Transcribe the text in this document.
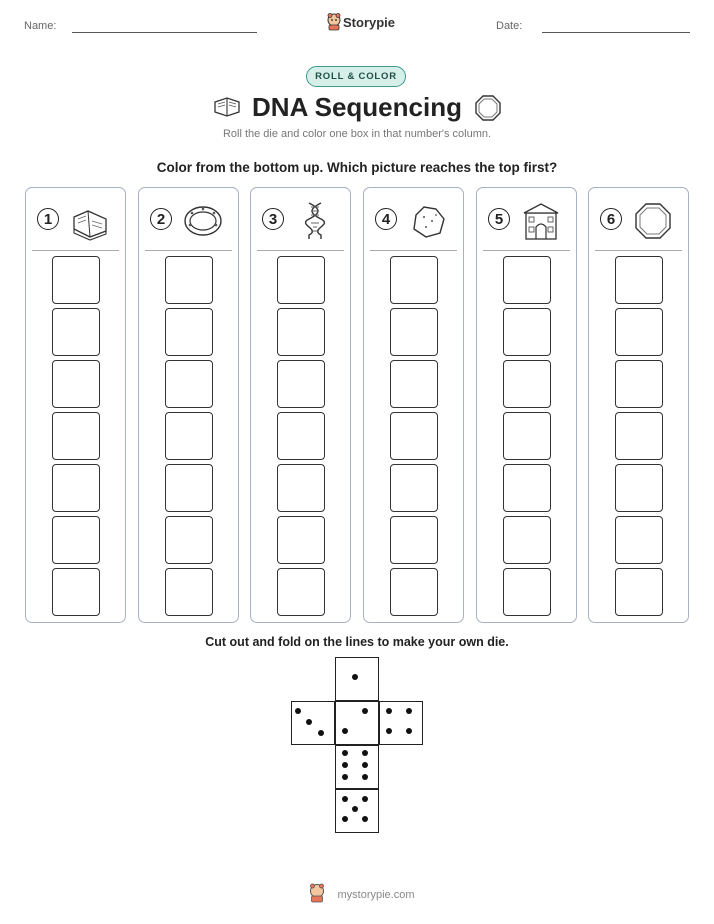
Name:	Storypie	Date:
ROLL & COLOR
DNA Sequencing
Roll the die and color one box in that number's column.
Color from the bottom up. Which picture reaches the top first?
1	2	3	4	5	6
Cut out and fold on the lines to make your own die.
mystorypie.com
